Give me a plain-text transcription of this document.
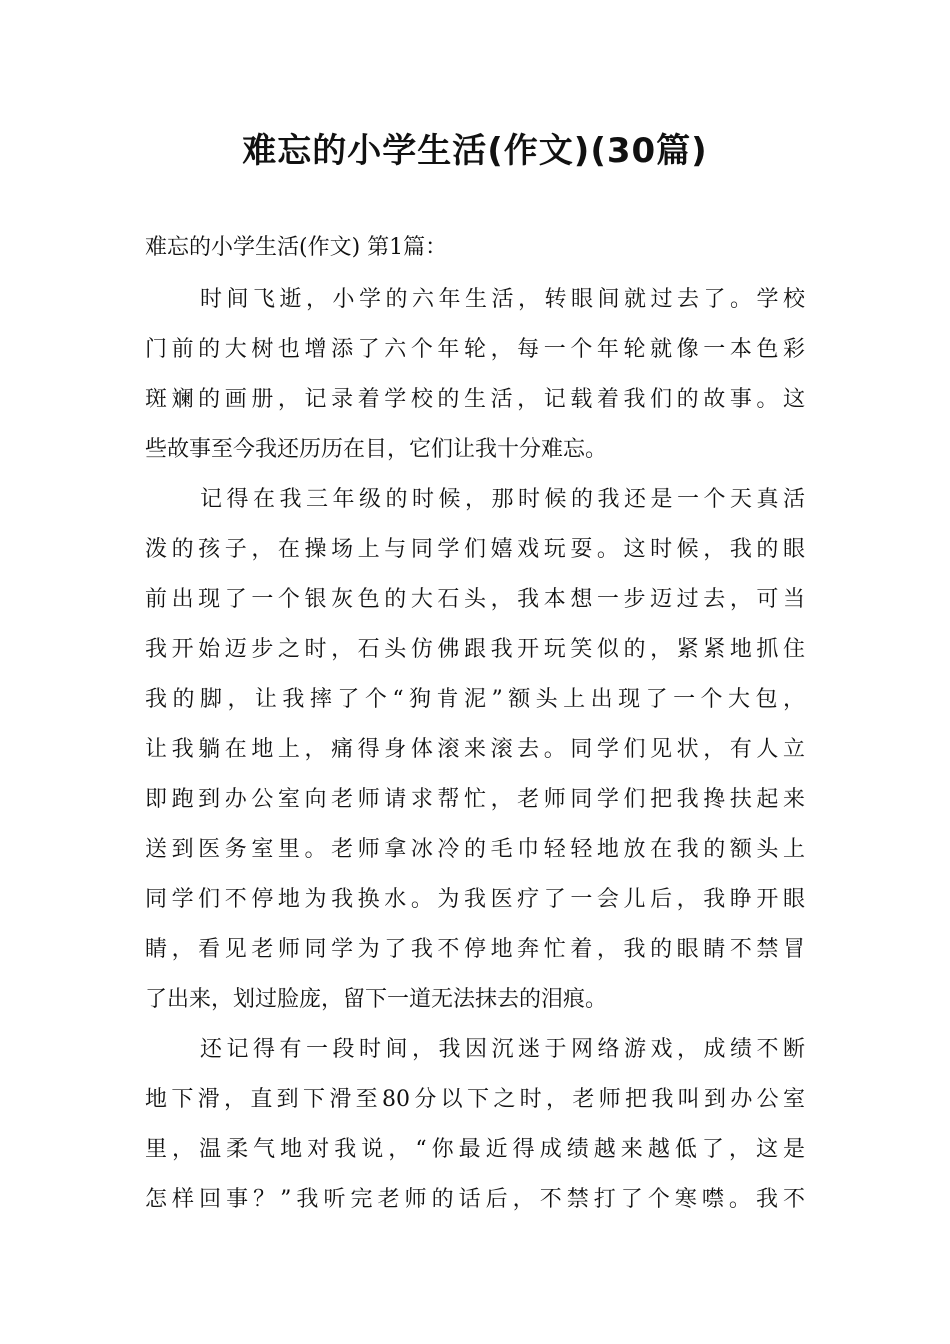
难忘的小学生活(作文)(30篇)
难忘的小学生活(作文) 第1篇：
时间飞逝，小学的六年生活，转眼间就过去了。学校
门前的大树也增添了六个年轮，每一个年轮就像一本色彩
斑斓的画册，记录着学校的生活，记载着我们的故事。这
些故事至今我还历历在目，它们让我十分难忘。
记得在我三年级的时候，那时候的我还是一个天真活
泼的孩子，在操场上与同学们嬉戏玩耍。这时候，我的眼
前出现了一个银灰色的大石头，我本想一步迈过去，可当
我开始迈步之时，石头仿佛跟我开玩笑似的，紧紧地抓住
我的脚，让我摔了个“狗肯泥”额头上出现了一个大包，
让我躺在地上，痛得身体滚来滚去。同学们见状，有人立
即跑到办公室向老师请求帮忙，老师同学们把我搀扶起来
送到医务室里。老师拿冰冷的毛巾轻轻地放在我的额头上
同学们不停地为我换水。为我医疗了一会儿后，我睁开眼
睛，看见老师同学为了我不停地奔忙着，我的眼睛不禁冒
了出来，划过脸庞，留下一道无法抹去的泪痕。
还记得有一段时间，我因沉迷于网络游戏，成绩不断
地下滑，直到下滑至80分以下之时，老师把我叫到办公室
里，温柔气地对我说，“你最近得成绩越来越低了，这是
怎样回事？”我听完老师的话后，不禁打了个寒噤。我不
